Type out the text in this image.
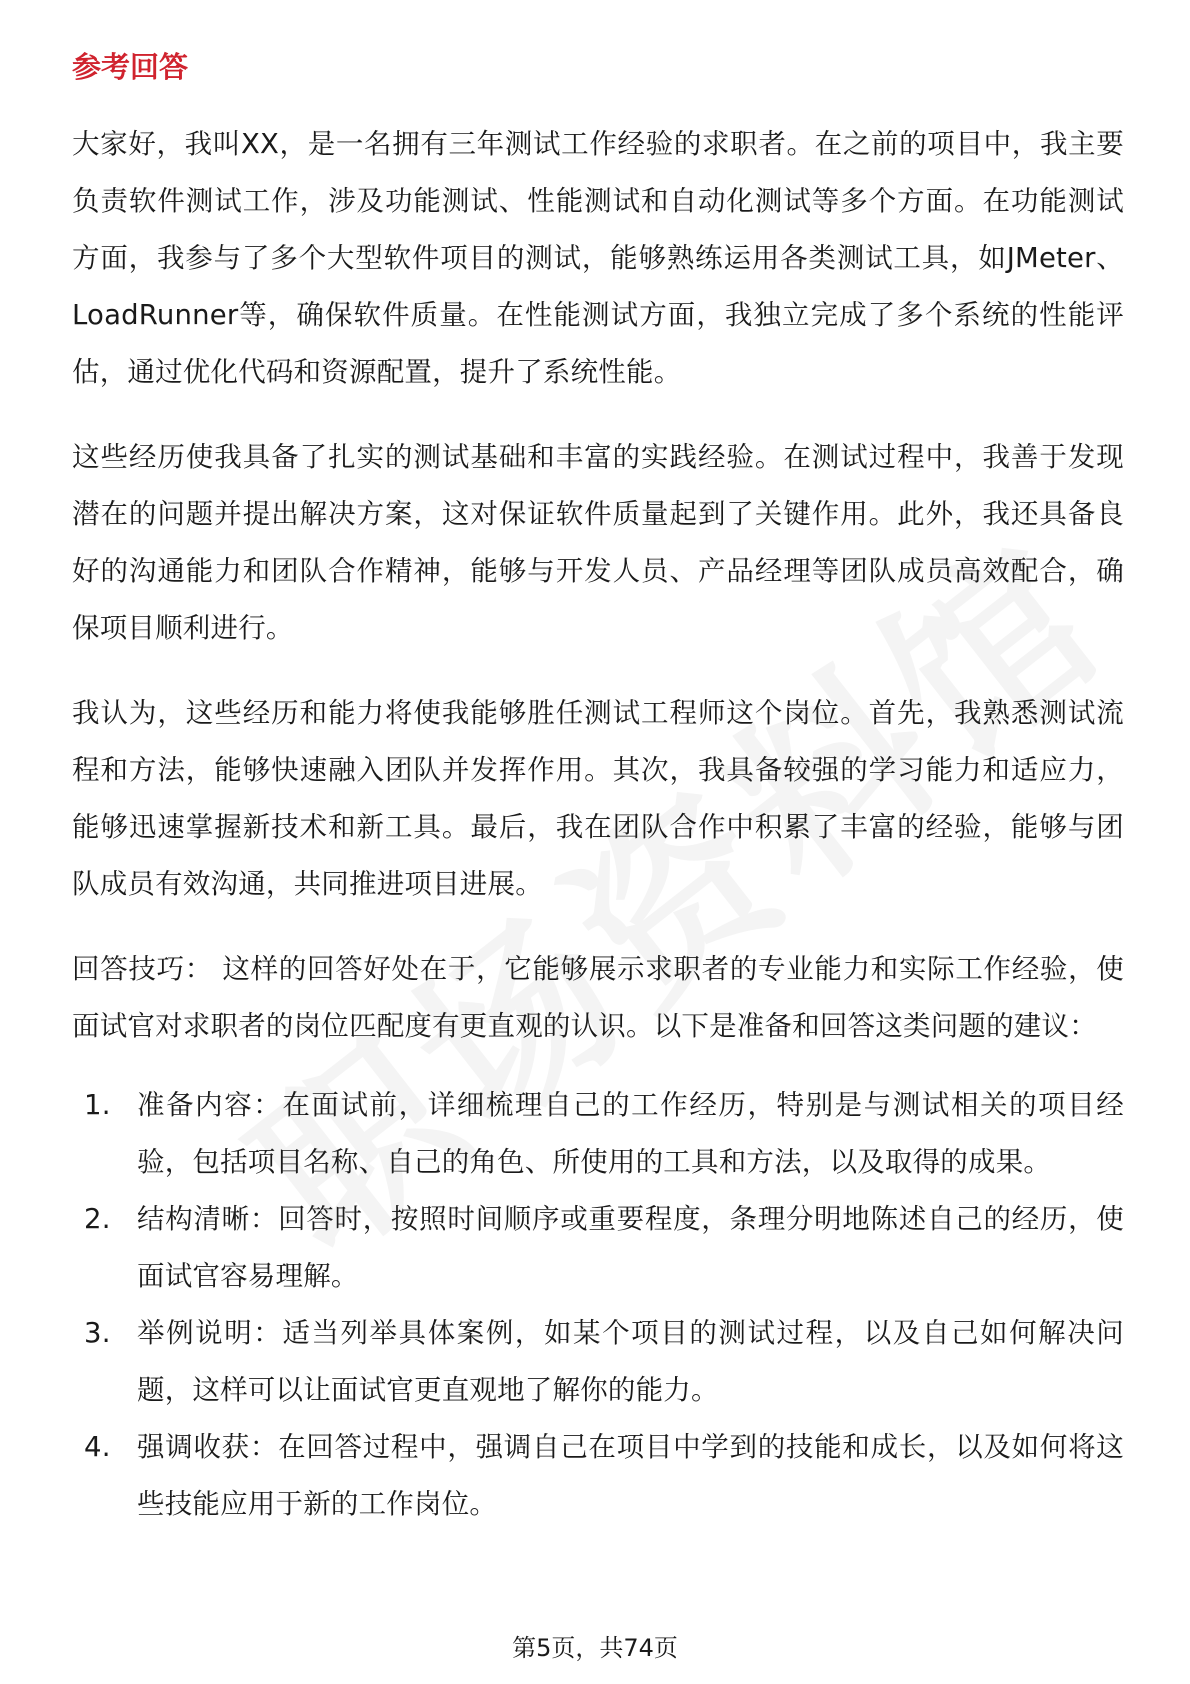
参考回答

大家好，我叫XX，是一名拥有三年测试工作经验的求职者。在之前的项目中，我主要负责软件测试工作，涉及功能测试、性能测试和自动化测试等多个方面。在功能测试方面，我参与了多个大型软件项目的测试，能够熟练运用各类测试工具，如JMeter、LoadRunner等，确保软件质量。在性能测试方面，我独立完成了多个系统的性能评估，通过优化代码和资源配置，提升了系统性能。

这些经历使我具备了扎实的测试基础和丰富的实践经验。在测试过程中，我善于发现潜在的问题并提出解决方案，这对保证软件质量起到了关键作用。此外，我还具备良好的沟通能力和团队合作精神，能够与开发人员、产品经理等团队成员高效配合，确保项目顺利进行。

我认为，这些经历和能力将使我能够胜任测试工程师这个岗位。首先，我熟悉测试流程和方法，能够快速融入团队并发挥作用。其次，我具备较强的学习能力和适应力，能够迅速掌握新技术和新工具。最后，我在团队合作中积累了丰富的经验，能够与团队成员有效沟通，共同推进项目进展。

回答技巧： 这样的回答好处在于，它能够展示求职者的专业能力和实际工作经验，使面试官对求职者的岗位匹配度有更直观的认识。以下是准备和回答这类问题的建议：

1. 准备内容：在面试前，详细梳理自己的工作经历，特别是与测试相关的项目经验，包括项目名称、自己的角色、所使用的工具和方法，以及取得的成果。
2. 结构清晰：回答时，按照时间顺序或重要程度，条理分明地陈述自己的经历，使面试官容易理解。
3. 举例说明：适当列举具体案例，如某个项目的测试过程，以及自己如何解决问题，这样可以让面试官更直观地了解你的能力。
4. 强调收获：在回答过程中，强调自己在项目中学到的技能和成长，以及如何将这些技能应用于新的工作岗位。
第5页，共74页
